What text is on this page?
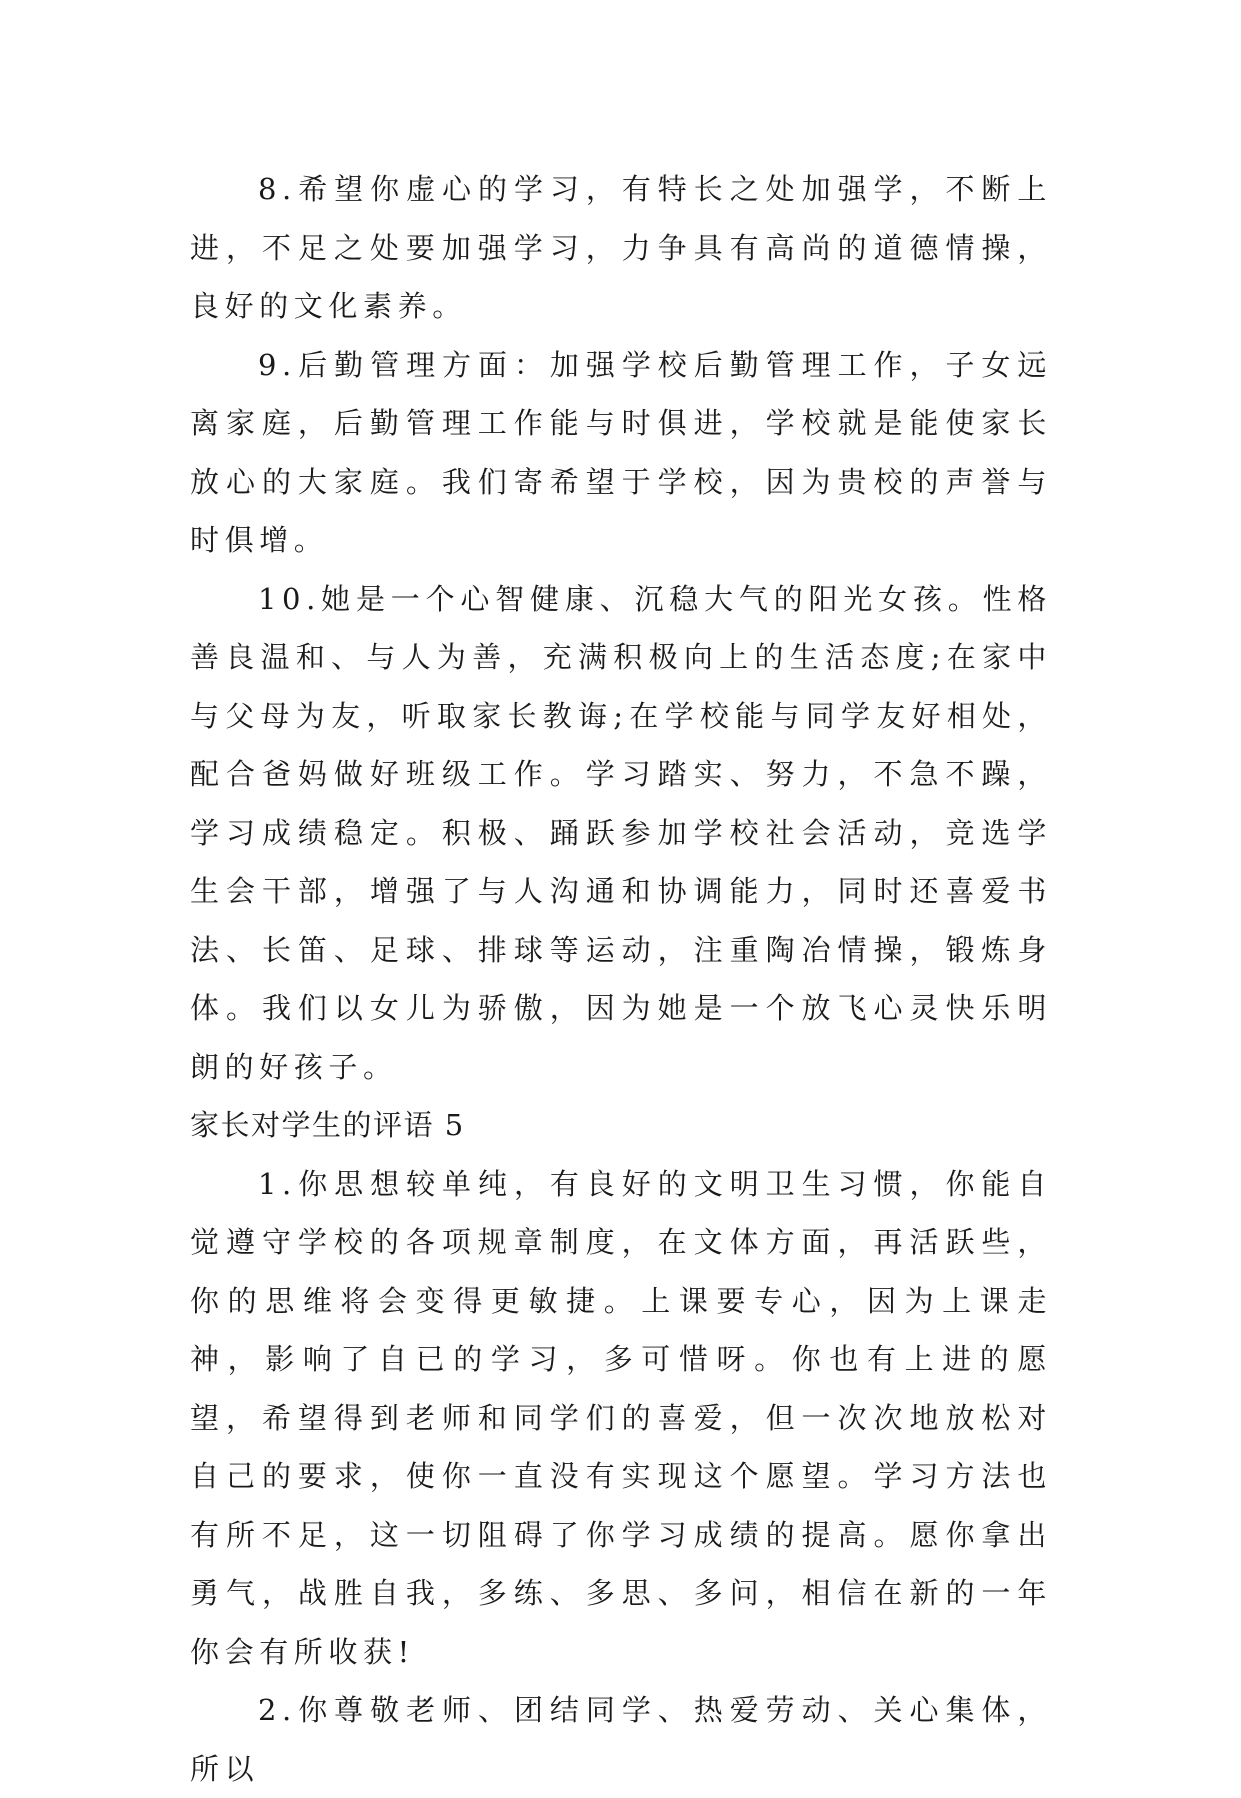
8.希望你虚心的学习，有特长之处加强学，不断上进，不足之处要加强学习，力争具有高尚的道德情操，良好的文化素养。

9.后勤管理方面：加强学校后勤管理工作，子女远离家庭，后勤管理工作能与时俱进，学校就是能使家长放心的大家庭。我们寄希望于学校，因为贵校的声誉与时俱增。

10.她是一个心智健康、沉稳大气的阳光女孩。性格善良温和、与人为善，充满积极向上的生活态度;在家中与父母为友，听取家长教诲;在学校能与同学友好相处，配合爸妈做好班级工作。学习踏实、努力，不急不躁，学习成绩稳定。积极、踊跃参加学校社会活动，竞选学生会干部，增强了与人沟通和协调能力，同时还喜爱书法、长笛、足球、排球等运动，注重陶冶情操，锻炼身体。我们以女儿为骄傲，因为她是一个放飞心灵快乐明朗的好孩子。

家长对学生的评语 5

1.你思想较单纯，有良好的文明卫生习惯，你能自觉遵守学校的各项规章制度，在文体方面，再活跃些，你的思维将会变得更敏捷。上课要专心，因为上课走神，影响了自已的学习，多可惜呀。你也有上进的愿望，希望得到老师和同学们的喜爱，但一次次地放松对自己的要求，使你一直没有实现这个愿望。学习方法也有所不足，这一切阻碍了你学习成绩的提高。愿你拿出勇气，战胜自我，多练、多思、多问，相信在新的一年你会有所收获!

2.你尊敬老师、团结同学、热爱劳动、关心集体，所以
